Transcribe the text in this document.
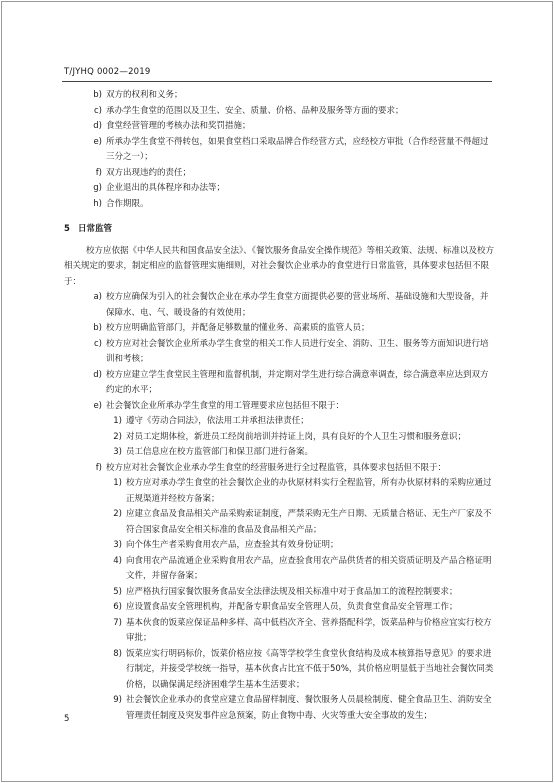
T/JYHQ 0002—2019
b) 双方的权利和义务；
c) 承办学生食堂的范围以及卫生、安全、质量、价格、品种及服务等方面的要求；
d) 食堂经营管理的考核办法和奖罚措施；
e) 所承办学生食堂不得转包，如果食堂档口采取品牌合作经营方式，应经校方审批（合作经营量不得超过三分之一）；
f) 双方出现违约的责任；
g) 企业退出的具体程序和办法等；
h) 合作期限。
5 日常监管
校方应依据《中华人民共和国食品安全法》、《餐饮服务食品安全操作规范》等相关政策、法规、标准以及校方相关规定的要求，制定相应的监督管理实施细则，对社会餐饮企业承办的食堂进行日常监管，具体要求包括但不限于：
a) 校方应确保为引入的社会餐饮企业在承办学生食堂方面提供必要的营业场所、基础设施和大型设备，并保障水、电、气、暖设备的有效使用；
b) 校方应明确监管部门，并配备足够数量的懂业务、高素质的监管人员；
c) 校方应对社会餐饮企业所承办学生食堂的相关工作人员进行安全、消防、卫生、服务等方面知识进行培训和考核；
d) 校方应建立学生食堂民主管理和监督机制，并定期对学生进行综合满意率调查，综合满意率应达到双方约定的水平；
e) 社会餐饮企业所承办学生食堂的用工管理要求应包括但不限于：
1) 遵守《劳动合同法》，依法用工并承担法律责任；
2) 对员工定期体检，新进员工经岗前培训并持证上岗，具有良好的个人卫生习惯和服务意识；
3) 员工信息应在校方监管部门和保卫部门进行备案。
f) 校方应对社会餐饮企业承办学生食堂的经营服务进行全过程监管，具体要求包括但不限于：
1) 校方应对承办学生食堂的社会餐饮企业的办伙原材料实行全程监管，所有办伙原材料的采购应通过正规渠道并经校方备案；
2) 应建立食品及食品相关产品采购索证制度，严禁采购无生产日期、无质量合格证、无生产厂家及不符合国家食品安全相关标准的食品及食品相关产品；
3) 向个体生产者采购食用农产品，应查验其有效身份证明；
4) 向食用农产品流通企业采购食用农产品，应查验食用农产品供货者的相关资质证明及产品合格证明文件，并留存备案；
5) 应严格执行国家餐饮服务食品安全法律法规及相关标准中对于食品加工的流程控制要求；
6) 应设置食品安全管理机构，并配备专职食品安全管理人员，负责食堂食品安全管理工作；
7) 基本伙食的饭菜应保证品种多样、高中低档次齐全、营养搭配科学，饭菜品种与价格应宜实行校方审批；
8) 饭菜应实行明码标价，饭菜价格应按《高等学校学生食堂伙食结构及成本核算指导意见》的要求进行制定，并接受学校统一指导，基本伙食占比宜不低于50%，其价格应明显低于当地社会餐饮同类价格，以确保满足经济困难学生基本生活要求；
9) 社会餐饮企业承办的食堂应建立食品留样制度、餐饮服务人员晨检制度、健全食品卫生、消防安全管理责任制度及突发事件应急预案，防止食物中毒、火灾等重大安全事故的发生；
5
